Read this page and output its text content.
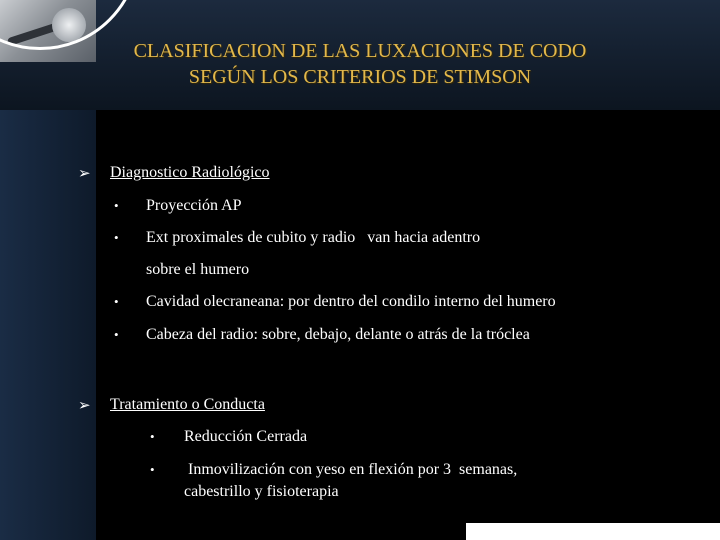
CLASIFICACION DE LAS LUXACIONES DE CODO
SEGÚN LOS CRITERIOS DE STIMSON
➢ Diagnostico Radiológico
• Proyección AP
• Ext proximales de cubito y radio   van hacia adentro
sobre el humero
• Cavidad olecraneana: por dentro del condilo interno del humero
• Cabeza del radio: sobre, debajo, delante o atrás de la tróclea
➢ Tratamiento o Conducta
• Reducción Cerrada
• Inmovilización con yeso en flexión por 3  semanas,
cabestrillo y fisioterapia
